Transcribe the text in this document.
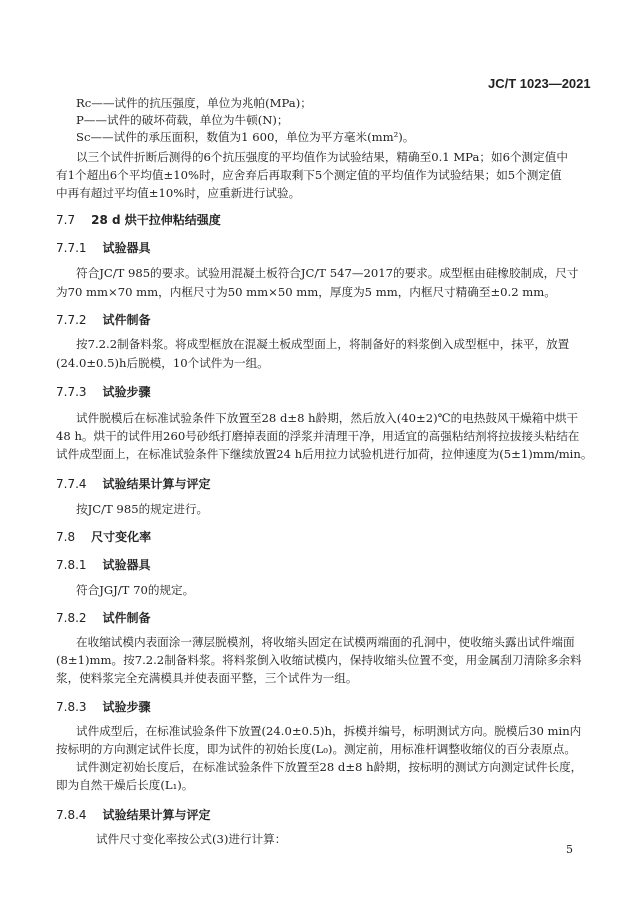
JC/T 1023—2021
Rc——试件的抗压强度，单位为兆帕(MPa)；
P——试件的破坏荷载，单位为牛顿(N)；
Sc——试件的承压面积，数值为1 600，单位为平方毫米(mm²)。
以三个试件折断后测得的6个抗压强度的平均值作为试验结果，精确至0.1 MPa；如6个测定值中
有1个超出6个平均值±10%时，应舍弃后再取剩下5个测定值的平均值作为试验结果；如5个测定值
中再有超过平均值±10%时，应重新进行试验。
7.7 28 d 烘干拉伸粘结强度
7.7.1 试验器具
符合JC/T 985的要求。试验用混凝土板符合JC/T 547—2017的要求。成型框由硅橡胶制成，尺寸
为70 mm×70 mm，内框尺寸为50 mm×50 mm，厚度为5 mm，内框尺寸精确至±0.2 mm。
7.7.2 试件制备
按7.2.2制备料浆。将成型框放在混凝土板成型面上，将制备好的料浆倒入成型框中，抹平，放置
(24.0±0.5)h后脱模，10个试件为一组。
7.7.3 试验步骤
试件脱模后在标准试验条件下放置至28 d±8 h龄期，然后放入(40±2)℃的电热鼓风干燥箱中烘干
48 h。烘干的试件用260号砂纸打磨掉表面的浮浆并清理干净，用适宜的高强粘结剂将拉拔接头粘结在
试件成型面上，在标准试验条件下继续放置24 h后用拉力试验机进行加荷，拉伸速度为(5±1)mm/min。
7.7.4 试验结果计算与评定
按JC/T 985的规定进行。
7.8 尺寸变化率
7.8.1 试验器具
符合JGJ/T 70的规定。
7.8.2 试件制备
在收缩试模内表面涂一薄层脱模剂，将收缩头固定在试模两端面的孔洞中，使收缩头露出试件端面
(8±1)mm。按7.2.2制备料浆。将料浆倒入收缩试模内，保持收缩头位置不变，用金属刮刀清除多余料
浆，使料浆完全充满模具并使表面平整，三个试件为一组。
7.8.3 试验步骤
试件成型后，在标准试验条件下放置(24.0±0.5)h，拆模并编号，标明测试方向。脱模后30 min内
按标明的方向测定试件长度，即为试件的初始长度(L₀)。测定前，用标准杆调整收缩仪的百分表原点。
试件测定初始长度后，在标准试验条件下放置至28 d±8 h龄期，按标明的测试方向测定试件长度，
即为自然干燥后长度(L₁)。
7.8.4 试验结果计算与评定
试件尺寸变化率按公式(3)进行计算：
5
